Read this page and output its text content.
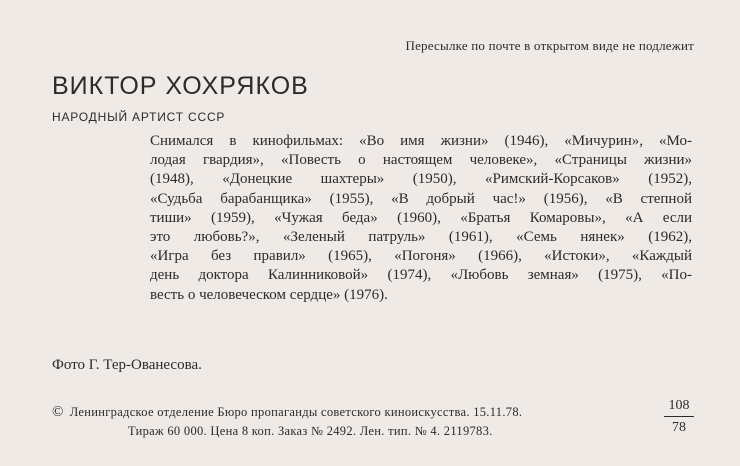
Пересылке по почте в открытом виде не подлежит
ВИКТОР ХОХРЯКОВ
НАРОДНЫЙ АРТИСТ СССР
Снимался в кинофильмах: «Во имя жизни» (1946), «Мичурин», «Мо-
лодая гвардия», «Повесть о настоящем человеке», «Страницы жизни»
(1948), «Донецкие шахтеры» (1950), «Римский-Корсаков» (1952),
«Судьба барабанщика» (1955), «В добрый час!» (1956), «В степной
тиши» (1959), «Чужая беда» (1960), «Братья Комаровы», «А если
это любовь?», «Зеленый патруль» (1961), «Семь нянек» (1962),
«Игра без правил» (1965), «Погоня» (1966), «Истоки», «Каждый
день доктора Калинниковой» (1974), «Любовь земная» (1975), «По-
весть о человеческом сердце» (1976).
Фото Г. Тер-Ованесова.
© Ленинградское отделение Бюро пропаганды советского киноискусства. 15.11.78.
Тираж 60 000. Цена 8 коп. Заказ № 2492. Лен. тип. № 4. 2119783.
108
78
